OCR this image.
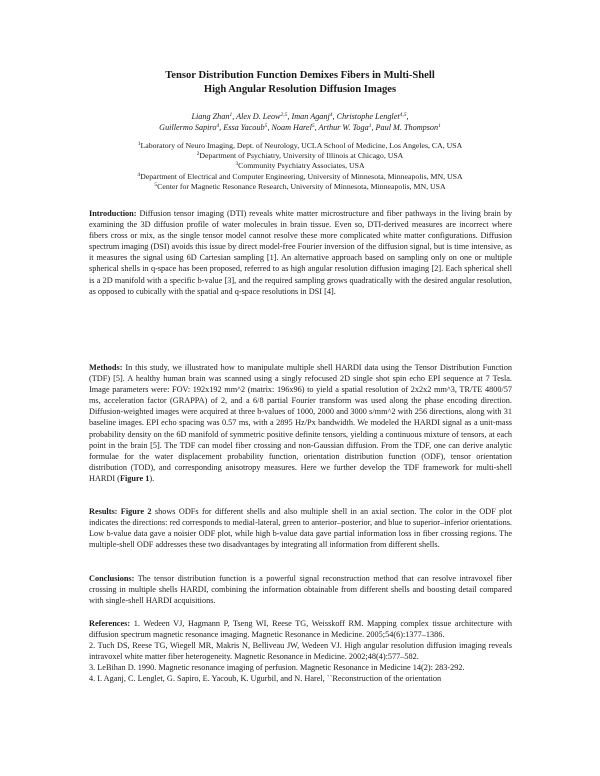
Tensor Distribution Function Demixes Fibers in Multi-Shell
High Angular Resolution Diffusion Images
Liang Zhan$^1$, Alex D. Leow$^{2,5}$, Iman Aganj$^4$, Christophe Lenglet$^{4,5}$,
Guillermo Sapiro$^4$, Essa Yacoub$^5$, Noam Harel$^5$, Arthur W. Toga$^1$, Paul M. Thompson$^1$
$^1$Laboratory of Neuro Imaging, Dept. of Neurology, UCLA School of Medicine, Los Angeles, CA, USA
$^2$Department of Psychiatry, University of Illinois at Chicago, USA
$^3$Community Psychiatry Associates, USA
$^4$Department of Electrical and Computer Engineering, University of Minnesota, Minneapolis, MN, USA
$^5$Center for Magnetic Resonance Research, University of Minnesota, Minneapolis, MN, USA

Introduction: Diffusion tensor imaging (DTI) reveals white matter microstructure and fiber pathways in the living brain by examining the 3D diffusion profile of water molecules in brain tissue. Even so, DTI-derived measures are incorrect where fibers cross or mix, as the single tensor model cannot resolve these more complicated white matter configurations. Diffusion spectrum imaging (DSI) avoids this issue by direct model-free Fourier inversion of the diffusion signal, but is time intensive, as it measures the signal using 6D Cartesian sampling [1]. An alternative approach based on sampling only on one or multiple spherical shells in q-space has been proposed, referred to as high angular resolution diffusion imaging [2]. Each spherical shell is a 2D manifold with a specific b-value [3], and the required sampling grows quadratically with the desired angular resolution, as opposed to cubically with the spatial and q-space resolutions in DSI [4].

Methods: In this study, we illustrated how to manipulate multiple shell HARDI data using the Tensor Distribution Function (TDF) [5]. A healthy human brain was scanned using a singly refocused 2D single shot spin echo EPI sequence at 7 Tesla. Image parameters were: FOV: 192x192 mm^2 (matrix: 196x96) to yield a spatial resolution of 2x2x2 mm^3, TR/TE 4800/57 ms, acceleration factor (GRAPPA) of 2, and a 6/8 partial Fourier transform was used along the phase encoding direction. Diffusion-weighted images were acquired at three b-values of 1000, 2000 and 3000 s/mm^2 with 256 directions, along with 31 baseline images. EPI echo spacing was 0.57 ms, with a 2895 Hz/Px bandwidth. We modeled the HARDI signal as a unit-mass probability density on the 6D manifold of symmetric positive definite tensors, yielding a continuous mixture of tensors, at each point in the brain [5]. The TDF can model fiber crossing and non-Gaussian diffusion. From the TDF, one can derive analytic formulae for the water displacement probability function, orientation distribution function (ODF), tensor orientation distribution (TOD), and corresponding anisotropy measures. Here we further develop the TDF framework for multi-shell HARDI (Figure 1).

Results: Figure 2 shows ODFs for different shells and also multiple shell in an axial section. The color in the ODF plot indicates the directions: red corresponds to medial-lateral, green to anterior–posterior, and blue to superior–inferior orientations. Low b-value data gave a noisier ODF plot, while high b-value data gave partial information loss in fiber crossing regions. The multiple-shell ODF addresses these two disadvantages by integrating all information from different shells.

Conclusions: The tensor distribution function is a powerful signal reconstruction method that can resolve intravoxel fiber crossing in multiple shells HARDI, combining the information obtainable from different shells and boosting detail compared with single-shell HARDI acquisitions.

References: 1. Wedeen VJ, Hagmann P, Tseng WI, Reese TG, Weisskoff RM. Mapping complex tissue architecture with diffusion spectrum magnetic resonance imaging. Magnetic Resonance in Medicine. 2005;54(6):1377–1386.
2. Tuch DS, Reese TG, Wiegell MR, Makris N, Belliveau JW, Wedeen VJ. High angular resolution diffusion imaging reveals intravoxel white matter fiber heterogeneity. Magnetic Resonance in Medicine. 2002;48(4):577–582.
3. LeBihan D. 1990. Magnetic resonance imaging of perfusion. Magnetic Resonance in Medicine 14(2): 283-292.
4. I. Aganj, C. Lenglet, G. Sapiro, E. Yacoub, K. Ugurbil, and N. Harel, ``Reconstruction of the orientation
